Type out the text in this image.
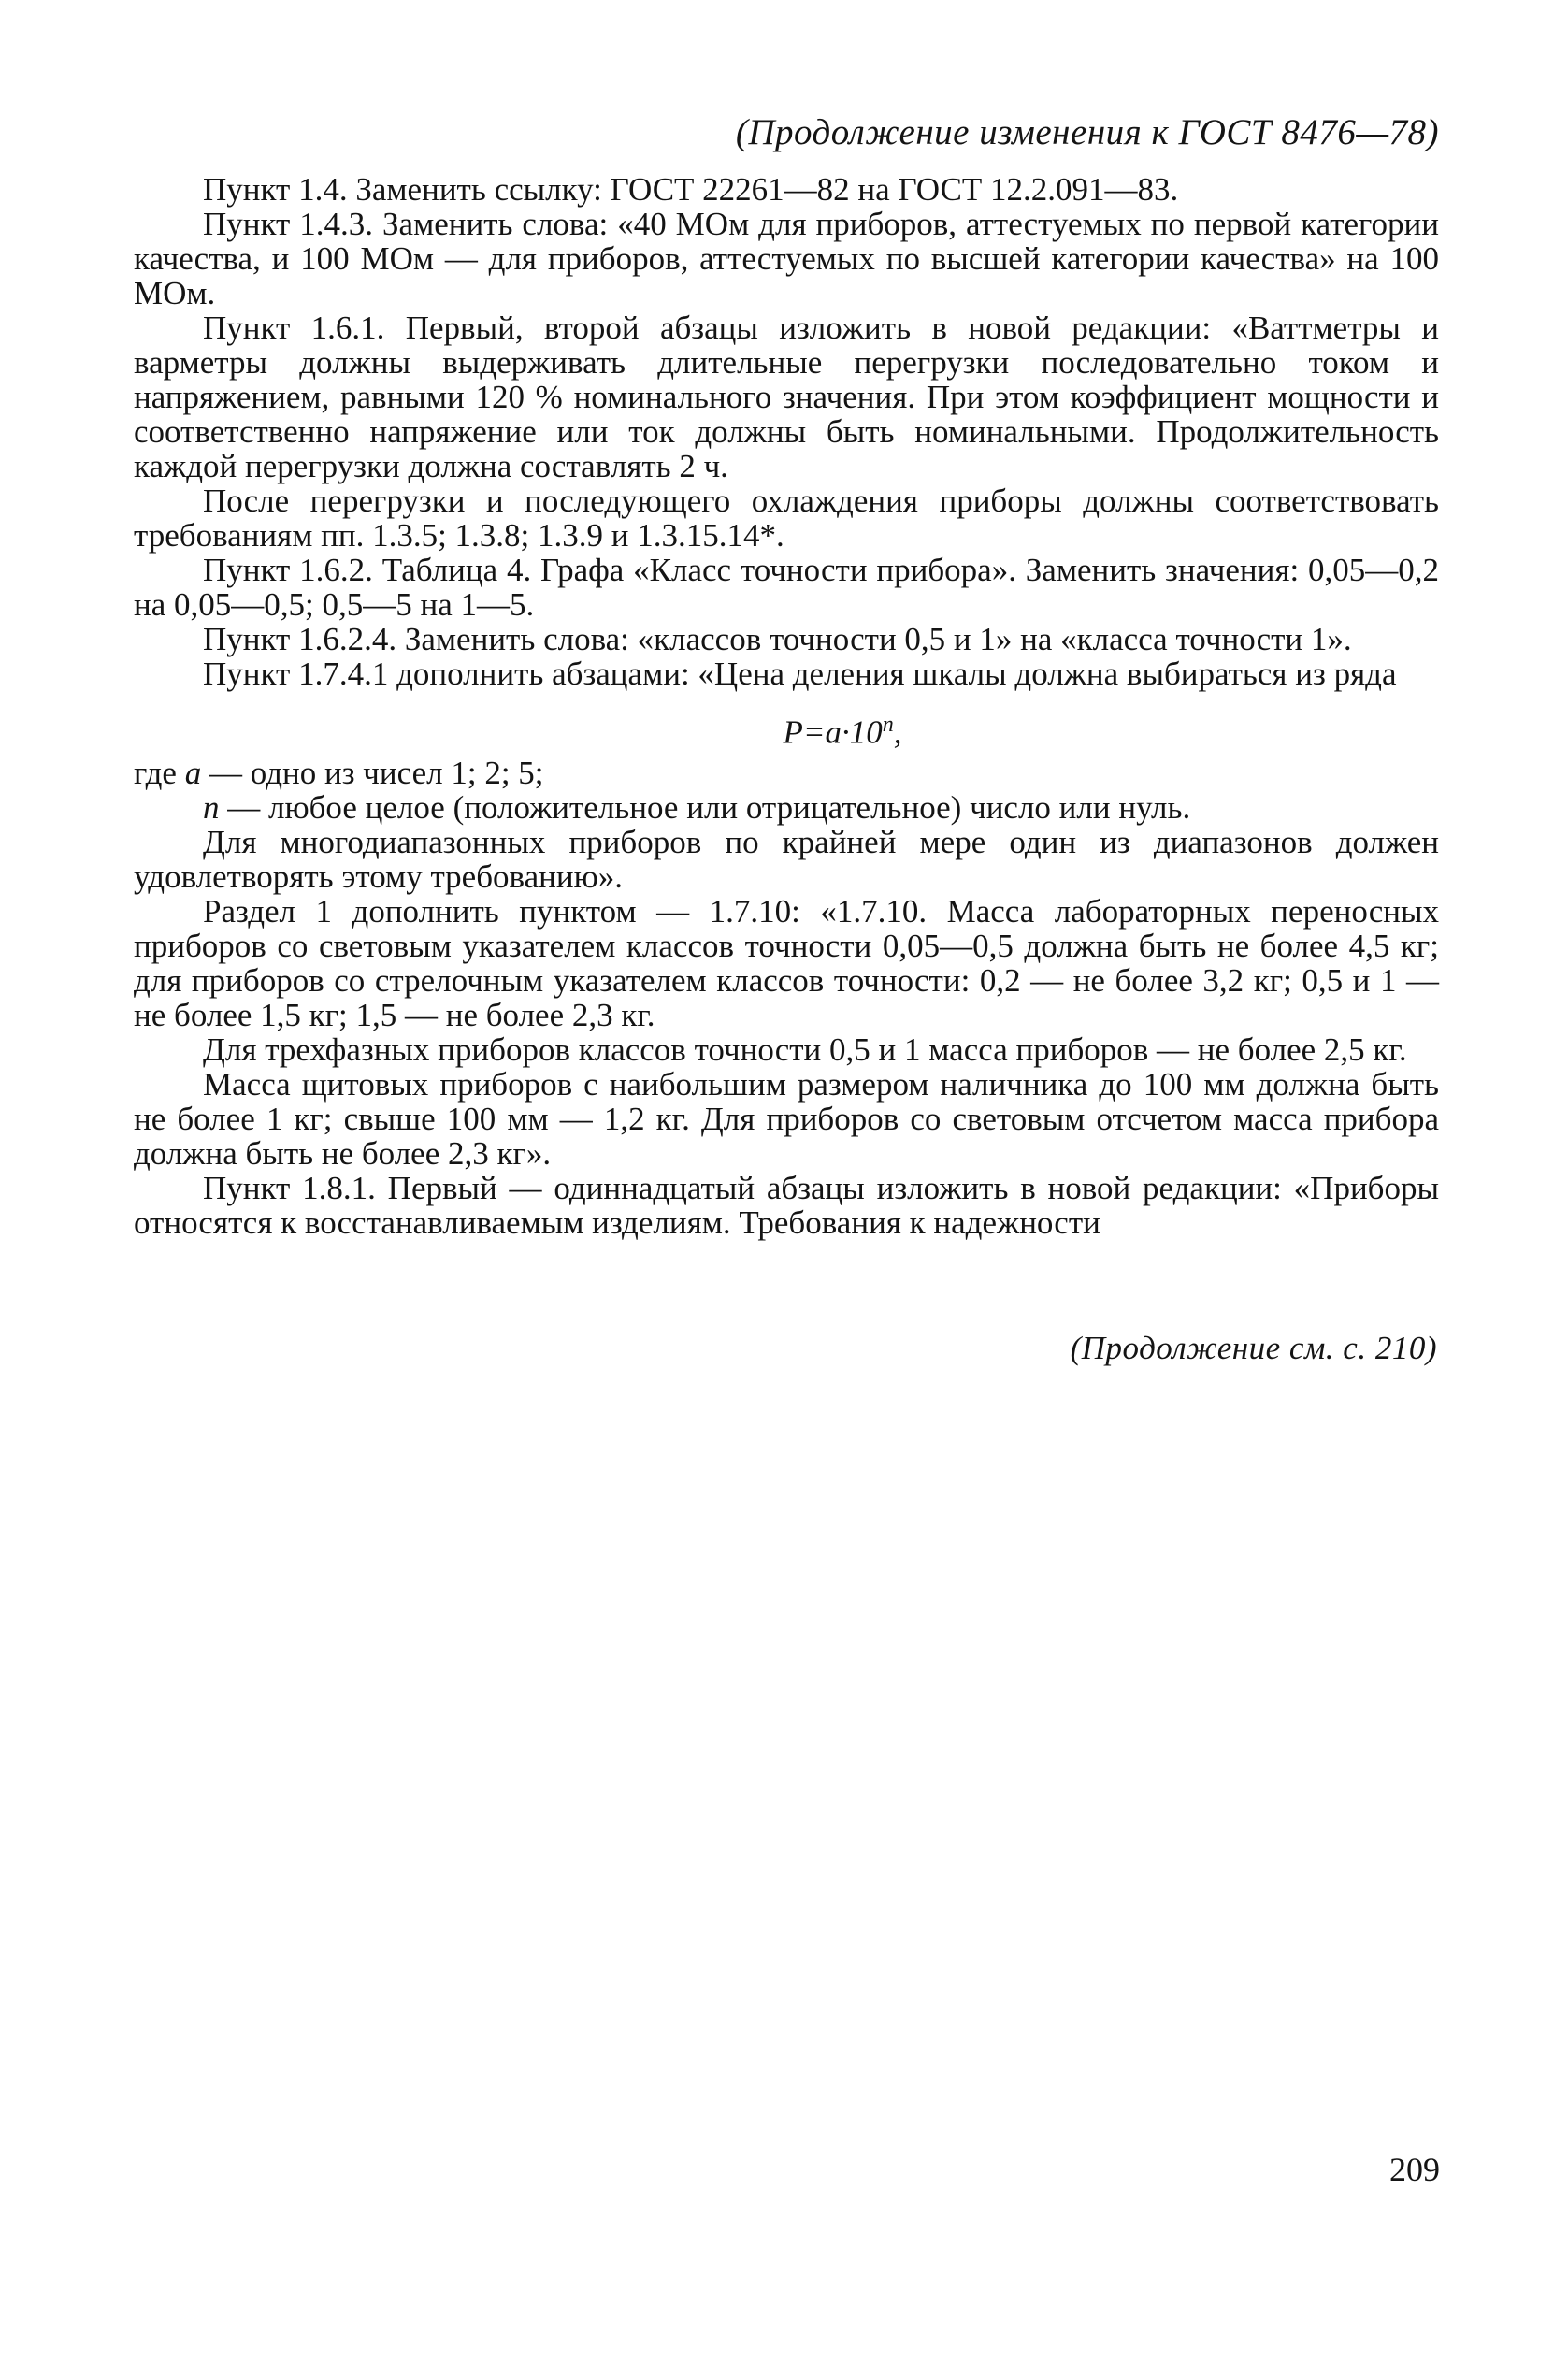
(Продолжение изменения к ГОСТ 8476—78)

Пункт 1.4. Заменить ссылку: ГОСТ 22261—82 на ГОСТ 12.2.091—83.

Пункт 1.4.3. Заменить слова: «40 МОм для приборов, аттестуемых по первой категории качества, и 100 МОм — для приборов, аттестуемых по высшей категории качества» на 100 МОм.

Пункт 1.6.1. Первый, второй абзацы изложить в новой редакции: «Ваттметры и варметры должны выдерживать длительные перегрузки последовательно током и напряжением, равными 120 % номинального значения. При этом коэффициент мощности и соответственно напряжение или ток должны быть номинальными. Продолжительность каждой перегрузки должна составлять 2 ч.

После перегрузки и последующего охлаждения приборы должны соответствовать требованиям пп. 1.3.5; 1.3.8; 1.3.9 и 1.3.15.14*.

Пункт 1.6.2. Таблица 4. Графа «Класс точности прибора». Заменить значения: 0,05—0,2 на 0,05—0,5; 0,5—5 на 1—5.

Пункт 1.6.2.4. Заменить слова: «классов точности 0,5 и 1» на «класса точности 1».

Пункт 1.7.4.1 дополнить абзацами: «Цена деления шкалы должна выбираться из ряда

$P=a\cdot 10^n$,

где a — одно из чисел 1; 2; 5;

n — любое целое (положительное или отрицательное) число или нуль.

Для многодиапазонных приборов по крайней мере один из диапазонов должен удовлетворять этому требованию».

Раздел 1 дополнить пунктом — 1.7.10: «1.7.10. Масса лабораторных переносных приборов со световым указателем классов точности 0,05—0,5 должна быть не более 4,5 кг; для приборов со стрелочным указателем классов точности: 0,2 — не более 3,2 кг; 0,5 и 1 — не более 1,5 кг; 1,5 — не более 2,3 кг.

Для трехфазных приборов классов точности 0,5 и 1 масса приборов — не более 2,5 кг.

Масса щитовых приборов с наибольшим размером наличника до 100 мм должна быть не более 1 кг; свыше 100 мм — 1,2 кг. Для приборов со световым отсчетом масса прибора должна быть не более 2,3 кг».

Пункт 1.8.1. Первый — одиннадцатый абзацы изложить в новой редакции: «Приборы относятся к восстанавливаемым изделиям. Требования к надежности

(Продолжение см. с. 210)
209
